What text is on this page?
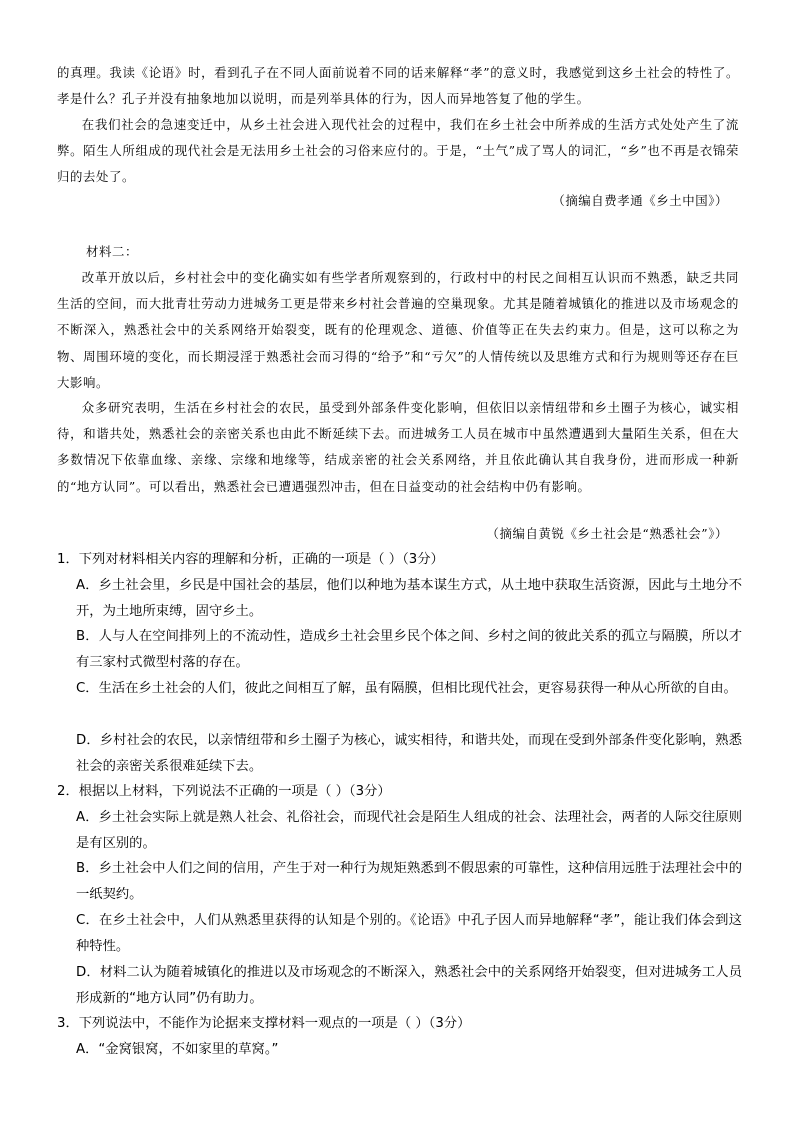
的真理。我读《论语》时，看到孔子在不同人面前说着不同的话来解释“孝”的意义时，我感觉到这乡土社会的特性了。孝是什么？孔子并没有抽象地加以说明，而是列举具体的行为，因人而异地答复了他的学生。

在我们社会的急速变迁中，从乡土社会进入现代社会的过程中，我们在乡土社会中所养成的生活方式处处产生了流弊。陌生人所组成的现代社会是无法用乡土社会的习俗来应付的。于是，“土气”成了骂人的词汇，“乡”也不再是衣锦荣归的去处了。

（摘编自费孝通《乡土中国》）

材料二：

改革开放以后，乡村社会中的变化确实如有些学者所观察到的，行政村中的村民之间相互认识而不熟悉，缺乏共同生活的空间，而大批青壮劳动力进城务工更是带来乡村社会普遍的空巢现象。尤其是随着城镇化的推进以及市场观念的不断深入，熟悉社会中的关系网络开始裂变，既有的伦理观念、道德、价值等正在失去约束力。但是，这可以称之为物、周围环境的变化，而长期浸淫于熟悉社会而习得的“给予”和“亏欠”的人情传统以及思维方式和行为规则等还存在巨大影响。

众多研究表明，生活在乡村社会的农民，虽受到外部条件变化影响，但依旧以亲情纽带和乡土圈子为核心，诚实相待，和谐共处，熟悉社会的亲密关系也由此不断延续下去。而进城务工人员在城市中虽然遭遇到大量陌生关系，但在大多数情况下依靠血缘、亲缘、宗缘和地缘等，结成亲密的社会关系网络，并且依此确认其自我身份，进而形成一种新的“地方认同”。可以看出，熟悉社会已遭遇强烈冲击，但在日益变动的社会结构中仍有影响。

（摘编自黄锐《乡土社会是“熟悉社会”》）

1．下列对材料相关内容的理解和分析，正确的一项是（ ）（3分）

A．乡土社会里，乡民是中国社会的基层，他们以种地为基本谋生方式，从土地中获取生活资源，因此与土地分不开，为土地所束缚，固守乡土。

B．人与人在空间排列上的不流动性，造成乡土社会里乡民个体之间、乡村之间的彼此关系的孤立与隔膜，所以才有三家村式微型村落的存在。

C．生活在乡土社会的人们，彼此之间相互了解，虽有隔膜，但相比现代社会，更容易获得一种从心所欲的自由。

D．乡村社会的农民，以亲情纽带和乡土圈子为核心，诚实相待，和谐共处，而现在受到外部条件变化影响，熟悉社会的亲密关系很难延续下去。

2．根据以上材料，下列说法不正确的一项是（ ）（3分）

A．乡土社会实际上就是熟人社会、礼俗社会，而现代社会是陌生人组成的社会、法理社会，两者的人际交往原则是有区别的。

B．乡土社会中人们之间的信用，产生于对一种行为规矩熟悉到不假思索的可靠性，这种信用远胜于法理社会中的一纸契约。

C．在乡土社会中，人们从熟悉里获得的认知是个别的。《论语》中孔子因人而异地解释“孝”，能让我们体会到这种特性。

D．材料二认为随着城镇化的推进以及市场观念的不断深入，熟悉社会中的关系网络开始裂变，但对进城务工人员形成新的“地方认同”仍有助力。

3．下列说法中，不能作为论据来支撑材料一观点的一项是（ ）（3分）

A．“金窝银窝，不如家里的草窝。”
